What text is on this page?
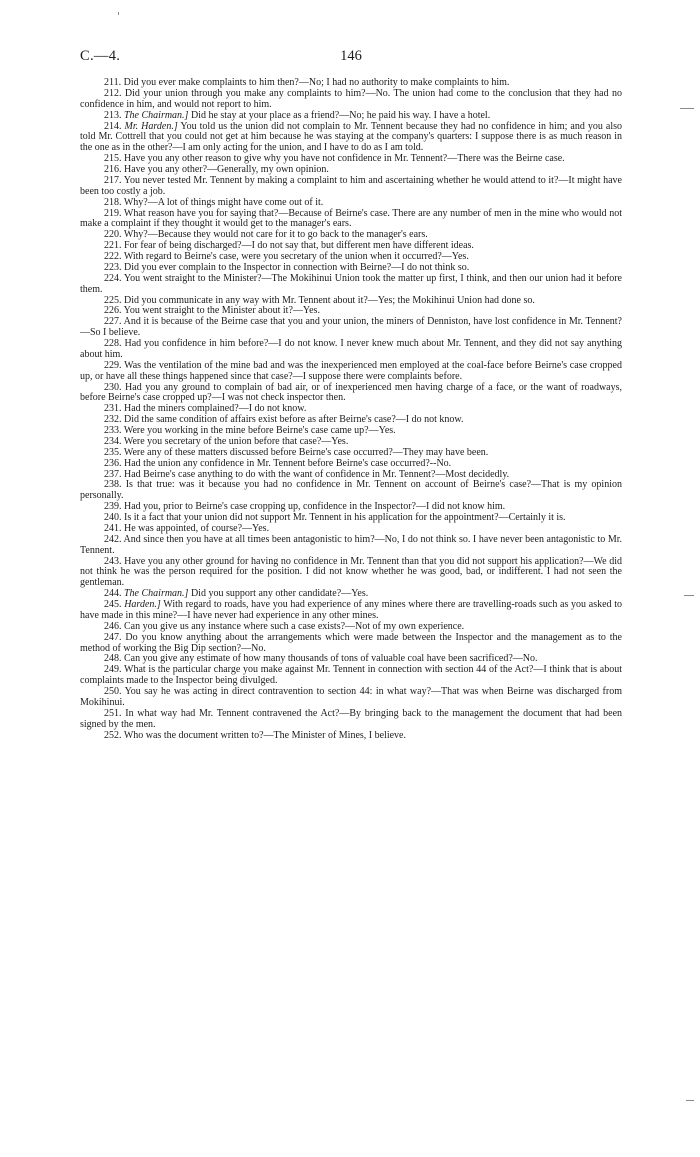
C.—4.	146

211. Did you ever make complaints to him then?—No; I had no authority to make complaints to him.

212. Did your union through you make any complaints to him?—No. The union had come to the conclusion that they had no confidence in him, and would not report to him.

213. The Chairman.] Did he stay at your place as a friend?—No; he paid his way. I have a hotel.

214. Mr. Harden.] You told us the union did not complain to Mr. Tennent because they had no confidence in him; and you also told Mr. Cottrell that you could not get at him because he was staying at the company's quarters: I suppose there is as much reason in the one as in the other?—I am only acting for the union, and I have to do as I am told.

215. Have you any other reason to give why you have not confidence in Mr. Tennent?—There was the Beirne case.

216. Have you any other?—Generally, my own opinion.

217. You never tested Mr. Tennent by making a complaint to him and ascertaining whether he would attend to it?—It might have been too costly a job.

218. Why?—A lot of things might have come out of it.

219. What reason have you for saying that?—Because of Beirne's case. There are any number of men in the mine who would not make a complaint if they thought it would get to the manager's ears.

220. Why?—Because they would not care for it to go back to the manager's ears.

221. For fear of being discharged?—I do not say that, but different men have different ideas.

222. With regard to Beirne's case, were you secretary of the union when it occurred?—Yes.

223. Did you ever complain to the Inspector in connection with Beirne?—I do not think so.

224. You went straight to the Minister?—The Mokihinui Union took the matter up first, I think, and then our union had it before them.

225. Did you communicate in any way with Mr. Tennent about it?—Yes; the Mokihinui Union had done so.

226. You went straight to the Minister about it?—Yes.

227. And it is because of the Beirne case that you and your union, the miners of Denniston, have lost confidence in Mr. Tennent?—So I believe.

228. Had you confidence in him before?—I do not know. I never knew much about Mr. Tennent, and they did not say anything about him.

229. Was the ventilation of the mine bad and was the inexperienced men employed at the coal-face before Beirne's case cropped up, or have all these things happened since that case?—I suppose there were complaints before.

230. Had you any ground to complain of bad air, or of inexperienced men having charge of a face, or the want of roadways, before Beirne's case cropped up?—I was not check inspector then.

231. Had the miners complained?—I do not know.

232. Did the same condition of affairs exist before as after Beirne's case?—I do not know.

233. Were you working in the mine before Beirne's case came up?—Yes.

234. Were you secretary of the union before that case?—Yes.

235. Were any of these matters discussed before Beirne's case occurred?—They may have been.

236. Had the union any confidence in Mr. Tennent before Beirne's case occurred?--No.

237. Had Beirne's case anything to do with the want of confidence in Mr. Tennent?—Most decidedly.

238. Is that true: was it because you had no confidence in Mr. Tennent on account of Beirne's case?—That is my opinion personally.

239. Had you, prior to Beirne's case cropping up, confidence in the Inspector?—I did not know him.

240. Is it a fact that your union did not support Mr. Tennent in his application for the appointment?—Certainly it is.

241. He was appointed, of course?—Yes.

242. And since then you have at all times been antagonistic to him?—No, I do not think so. I have never been antagonistic to Mr. Tennent.

243. Have you any other ground for having no confidence in Mr. Tennent than that you did not support his application?—We did not think he was the person required for the position. I did not know whether he was good, bad, or indifferent. I had not seen the gentleman.

244. The Chairman.] Did you support any other candidate?—Yes.

245. Harden.] With regard to roads, have you had experience of any mines where there are travelling-roads such as you asked to have made in this mine?—I have never had experience in any other mines.

246. Can you give us any instance where such a case exists?—Not of my own experience.

247. Do you know anything about the arrangements which were made between the Inspector and the management as to the method of working the Big Dip section?—No.

248. Can you give any estimate of how many thousands of tons of valuable coal have been sacrificed?—No.

249. What is the particular charge you make against Mr. Tennent in connection with section 44 of the Act?—I think that is about complaints made to the Inspector being divulged.

250. You say he was acting in direct contravention to section 44: in what way?—That was when Beirne was discharged from Mokihinui.

251. In what way had Mr. Tennent contravened the Act?—By bringing back to the management the document that had been signed by the men.

252. Who was the document written to?—The Minister of Mines, I believe.
